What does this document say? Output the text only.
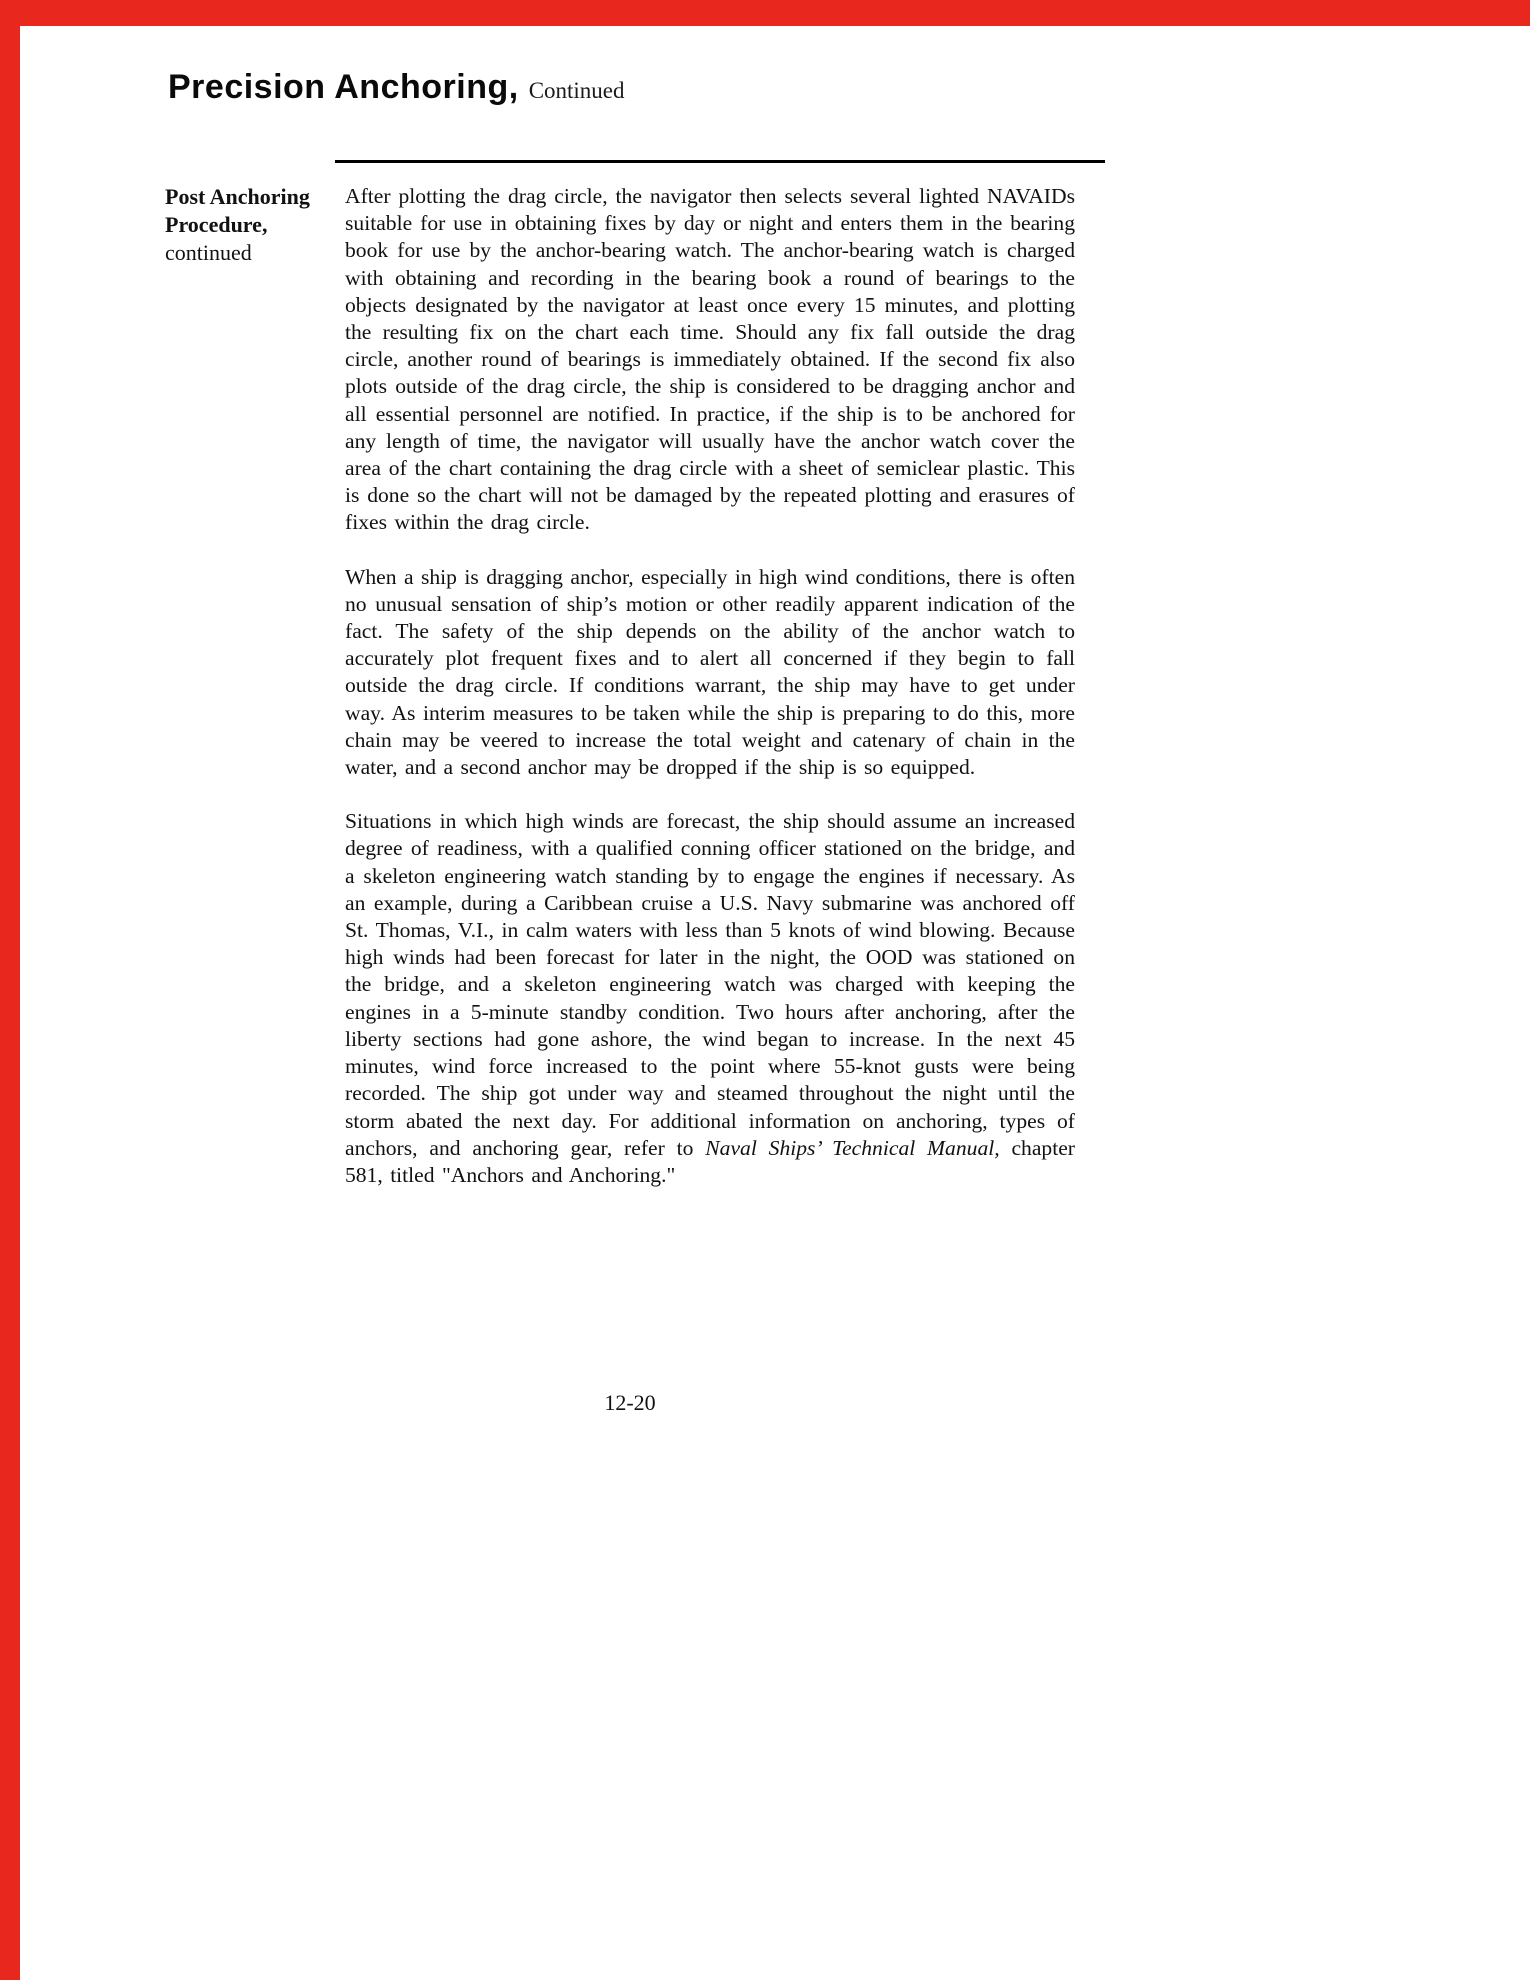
Precision Anchoring, Continued
Post Anchoring
Procedure,
continued

After plotting the drag circle, the navigator then selects several lighted NAVAIDs suitable for use in obtaining fixes by day or night and enters them in the bearing book for use by the anchor-bearing watch. The anchor-bearing watch is charged with obtaining and recording in the bearing book a round of bearings to the objects designated by the navigator at least once every 15 minutes, and plotting the resulting fix on the chart each time. Should any fix fall outside the drag circle, another round of bearings is immediately obtained. If the second fix also plots outside of the drag circle, the ship is considered to be dragging anchor and all essential personnel are notified. In practice, if the ship is to be anchored for any length of time, the navigator will usually have the anchor watch cover the area of the chart containing the drag circle with a sheet of semiclear plastic. This is done so the chart will not be damaged by the repeated plotting and erasures of fixes within the drag circle.

When a ship is dragging anchor, especially in high wind conditions, there is often no unusual sensation of ship’s motion or other readily apparent indication of the fact. The safety of the ship depends on the ability of the anchor watch to accurately plot frequent fixes and to alert all concerned if they begin to fall outside the drag circle. If conditions warrant, the ship may have to get under way. As interim measures to be taken while the ship is preparing to do this, more chain may be veered to increase the total weight and catenary of chain in the water, and a second anchor may be dropped if the ship is so equipped.

Situations in which high winds are forecast, the ship should assume an increased degree of readiness, with a qualified conning officer stationed on the bridge, and a skeleton engineering watch standing by to engage the engines if necessary. As an example, during a Caribbean cruise a U.S. Navy submarine was anchored off St. Thomas, V.I., in calm waters with less than 5 knots of wind blowing. Because high winds had been forecast for later in the night, the OOD was stationed on the bridge, and a skeleton engineering watch was charged with keeping the engines in a 5-minute standby condition. Two hours after anchoring, after the liberty sections had gone ashore, the wind began to increase. In the next 45 minutes, wind force increased to the point where 55-knot gusts were being recorded. The ship got under way and steamed throughout the night until the storm abated the next day. For additional information on anchoring, types of anchors, and anchoring gear, refer to Naval Ships’ Technical Manual, chapter 581, titled "Anchors and Anchoring."

12-20
